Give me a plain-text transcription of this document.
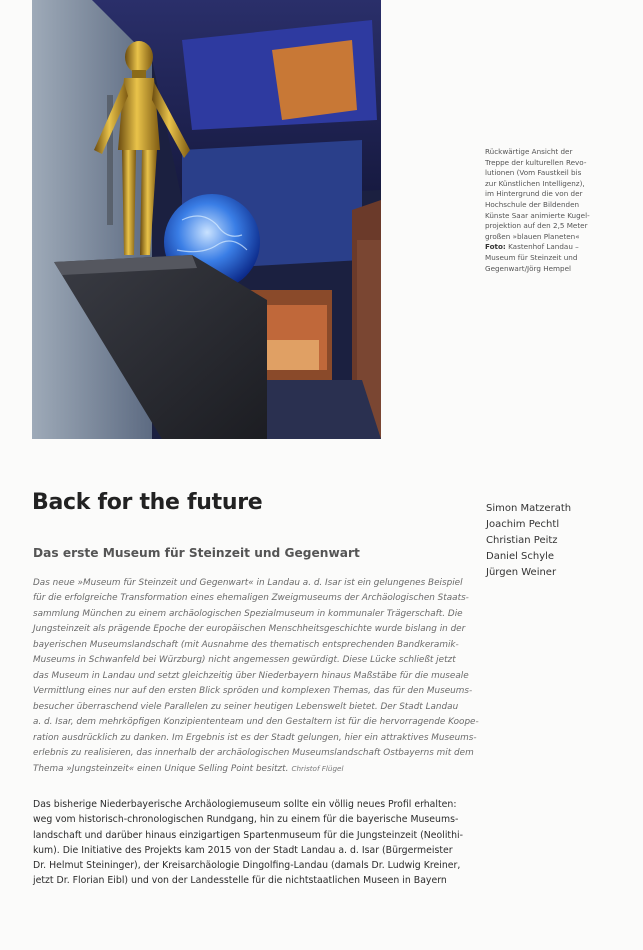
Rückwärtige Ansicht der
Treppe der kulturellen Revo-
lutionen (Vom Faustkeil bis
zur Künstlichen Intelligenz),
im Hintergrund die von der
Hochschule der Bildenden
Künste Saar animierte Kugel-
projektion auf den 2,5 Meter
großen »blauen Planeten«
Foto: Kastenhof Landau –
Museum für Steinzeit und
Gegenwart/Jörg Hempel
Back for the future
Das erste Museum für Steinzeit und Gegenwart
Simon Matzerath
Joachim Pechtl
Christian Peitz
Daniel Schyle
Jürgen Weiner
Das neue »Museum für Steinzeit und Gegenwart« in Landau a. d. Isar ist ein gelungenes Beispiel
für die erfolgreiche Transformation eines ehemaligen Zweigmuseums der Archäologischen Staats-
sammlung München zu einem archäologischen Spezialmuseum in kommunaler Trägerschaft. Die
Jungsteinzeit als prägende Epoche der europäischen Menschheitsgeschichte wurde bislang in der
bayerischen Museumslandschaft (mit Ausnahme des thematisch entsprechenden Bandkeramik-
Museums in Schwanfeld bei Würzburg) nicht angemessen gewürdigt. Diese Lücke schließt jetzt
das Museum in Landau und setzt gleichzeitig über Niederbayern hinaus Maßstäbe für die museale
Vermittlung eines nur auf den ersten Blick spröden und komplexen Themas, das für den Museums-
besucher überraschend viele Parallelen zu seiner heutigen Lebenswelt bietet. Der Stadt Landau
a. d. Isar, dem mehrköpfigen Konzipiententeam und den Gestaltern ist für die hervorragende Koope-
ration ausdrücklich zu danken. Im Ergebnis ist es der Stadt gelungen, hier ein attraktives Museums-
erlebnis zu realisieren, das innerhalb der archäologischen Museumslandschaft Ostbayerns mit dem
Thema »Jungsteinzeit« einen Unique Selling Point besitzt. Christof Flügel
Das bisherige Niederbayerische Archäologiemuseum sollte ein völlig neues Profil erhalten:
weg vom historisch-chronologischen Rundgang, hin zu einem für die bayerische Museums-
landschaft und darüber hinaus einzigartigen Spartenmuseum für die Jungsteinzeit (Neolithi-
kum). Die Initiative des Projekts kam 2015 von der Stadt Landau a. d. Isar (Bürgermeister
Dr. Helmut Steininger), der Kreisarchäologie Dingolfing-Landau (damals Dr. Ludwig Kreiner,
jetzt Dr. Florian Eibl) und von der Landesstelle für die nichtstaatlichen Museen in Bayern
